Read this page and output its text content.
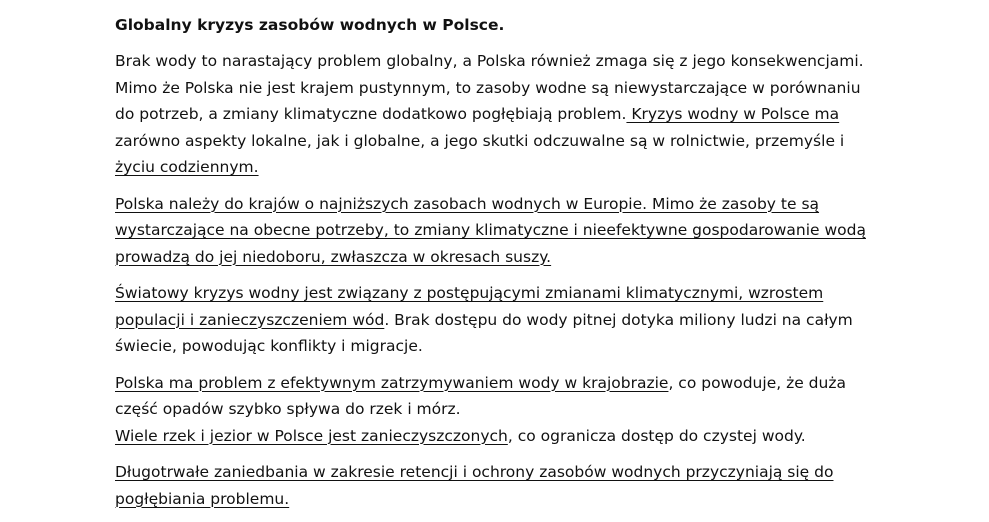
Globalny kryzys zasobów wodnych w Polsce.

Brak wody to narastający problem globalny, a Polska również zmaga się z jego konsekwencjami. Mimo że Polska nie jest krajem pustynnym, to zasoby wodne są niewystarczające w porównaniu do potrzeb, a zmiany klimatyczne dodatkowo pogłębiają problem. Kryzys wodny w Polsce ma zarówno aspekty lokalne, jak i globalne, a jego skutki odczuwalne są w rolnictwie, przemyśle i życiu codziennym.

Polska należy do krajów o najniższych zasobach wodnych w Europie. Mimo że zasoby te są wystarczające na obecne potrzeby, to zmiany klimatyczne i nieefektywne gospodarowanie wodą prowadzą do jej niedoboru, zwłaszcza w okresach suszy.

Światowy kryzys wodny jest związany z postępującymi zmianami klimatycznymi, wzrostem populacji i zanieczyszczeniem wód. Brak dostępu do wody pitnej dotyka miliony ludzi na całym świecie, powodując konflikty i migracje.

Polska ma problem z efektywnym zatrzymywaniem wody w krajobrazie, co powoduje, że duża część opadów szybko spływa do rzek i mórz.
Wiele rzek i jezior w Polsce jest zanieczyszczonych, co ogranicza dostęp do czystej wody.

Długotrwałe zaniedbania w zakresie retencji i ochrony zasobów wodnych przyczyniają się do pogłębiania problemu.
